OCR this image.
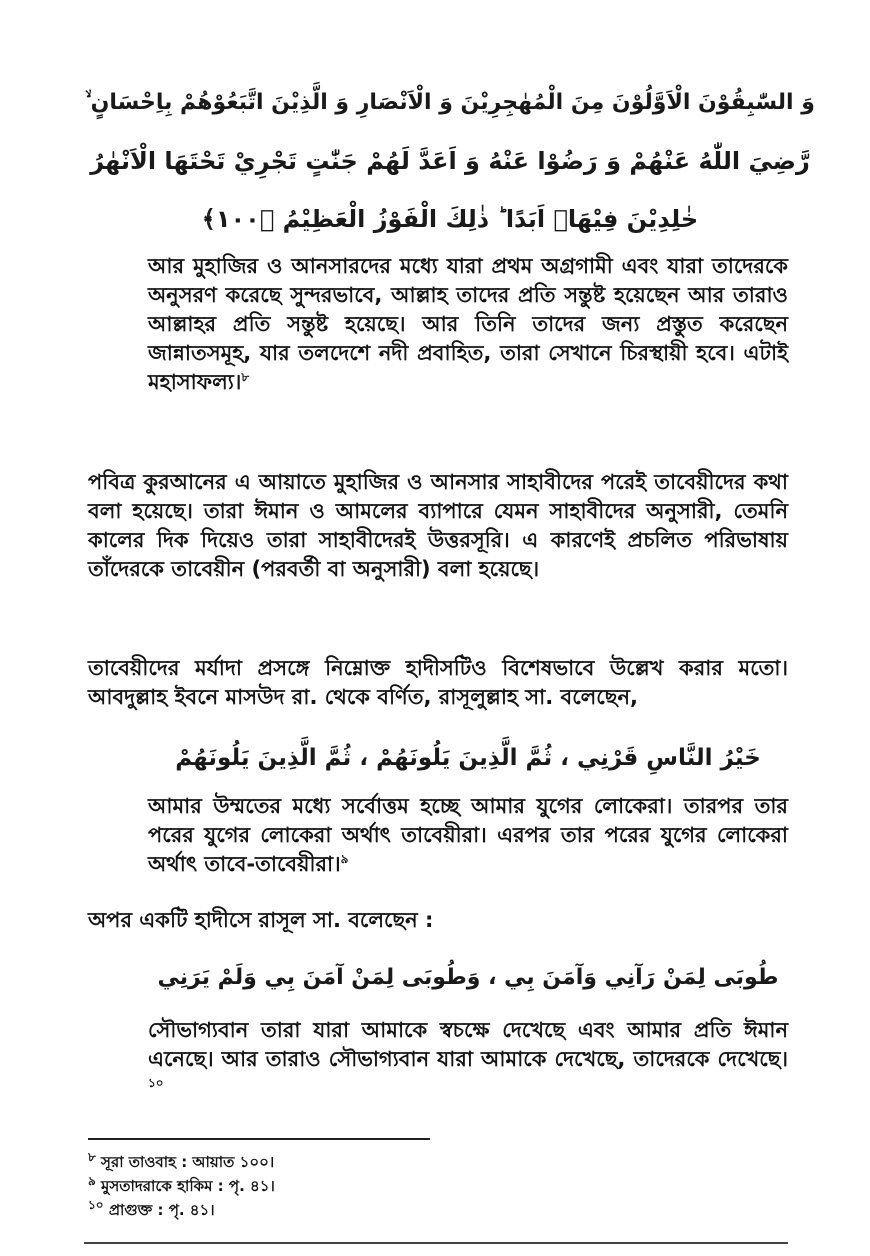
وَ السّٰبِقُوْنَ الْاَوَّلُوْنَ مِنَ الْمُهٰجِرِيْنَ وَ الْاَنْصَارِ وَ الَّذِيْنَ اتَّبَعُوْهُمْ بِاِحْسَانٍ ۙ
رَّضِيَ اللّٰهُ عَنْهُمْ وَ رَضُوْا عَنْهُ وَ اَعَدَّ لَهُمْ جَنّٰتٍ تَجْرِيْ تَحْتَهَا الْاَنْهٰرُ
خٰلِدِيْنَ فِيْهَاۤ اَبَدًا ؕ ذٰلِكَ الْفَوْزُ الْعَظِيْمُ ﴿۱۰۰﴾

আর মুহাজির ও আনসারদের মধ্যে যারা প্রথম অগ্রগামী এবং যারা তাদেরকে অনুসরণ করেছে সুন্দরভাবে, আল্লাহ তাদের প্রতি সন্তুষ্ট হয়েছেন আর তারাও আল্লাহর প্রতি সন্তুষ্ট হয়েছে। আর তিনি তাদের জন্য প্রস্তুত করেছেন জান্নাতসমূহ, যার তলদেশে নদী প্রবাহিত, তারা সেখানে চিরস্থায়ী হবে। এটাই মহাসাফল্য।$^৮$

পবিত্র কুরআনের এ আয়াতে মুহাজির ও আনসার সাহাবীদের পরেই তাবেয়ীদের কথা বলা হয়েছে। তারা ঈমান ও আমলের ব্যাপারে যেমন সাহাবীদের অনুসারী, তেমনি কালের দিক দিয়েও তারা সাহাবীদেরই উত্তরসূরি। এ কারণেই প্রচলিত পরিভাষায় তাঁদেরকে তাবেয়ীন (পরবর্তী বা অনুসারী) বলা হয়েছে।

তাবেয়ীদের মর্যাদা প্রসঙ্গে নিম্নোক্ত হাদীসটিও বিশেষভাবে উল্লেখ করার মতো। আবদুল্লাহ ইবনে মাসউদ রা. থেকে বর্ণিত, রাসূলুল্লাহ সা. বলেছেন,

خَيْرُ النَّاسِ قَرْنِي ، ثُمَّ الَّذِينَ يَلُونَهُمْ ، ثُمَّ الَّذِينَ يَلُونَهُمْ

আমার উম্মতের মধ্যে সর্বোত্তম হচ্ছে আমার যুগের লোকেরা। তারপর তার পরের যুগের লোকেরা অর্থাৎ তাবেয়ীরা। এরপর তার পরের যুগের লোকেরা অর্থাৎ তাবে-তাবেয়ীরা।$^৯$

অপর একটি হাদীসে রাসূল সা. বলেছেন :

طُوبَى لِمَنْ رَآنِي وَآمَنَ بِي ، وَطُوبَى لِمَنْ آمَنَ بِي وَلَمْ يَرَنِي

সৌভাগ্যবান তারা যারা আমাকে স্বচক্ষে দেখেছে এবং আমার প্রতি ঈমান এনেছে। আর তারাও সৌভাগ্যবান যারা আমাকে দেখেছে, তাদেরকে দেখেছে।$^{১০}$

$^৮$ সূরা তাওবাহ : আয়াত ১০০।
$^৯$ মুসতাদরাকে হাকিম : পৃ. ৪১।
$^{১০}$ প্রাগুক্ত : পৃ. ৪১।
